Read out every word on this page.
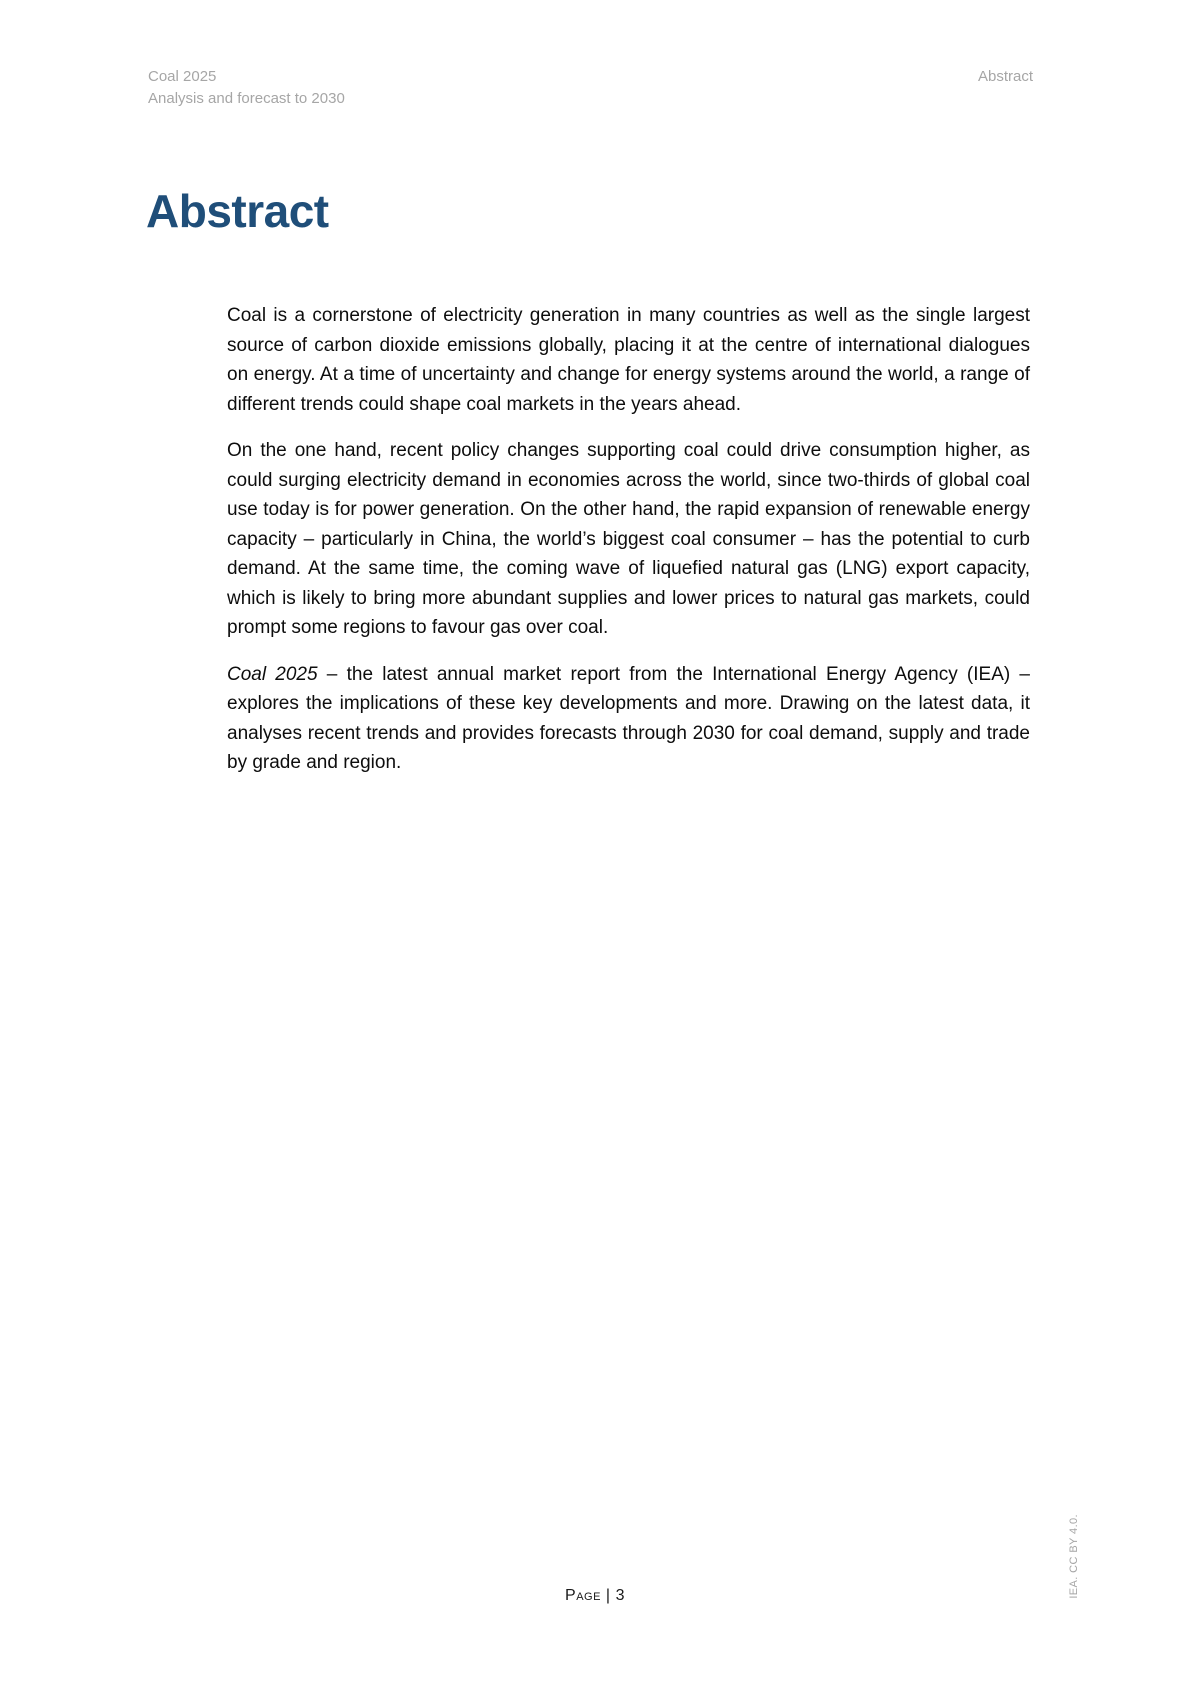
Coal 2025
Analysis and forecast to 2030
Abstract
Abstract

Coal is a cornerstone of electricity generation in many countries as well as the single largest source of carbon dioxide emissions globally, placing it at the centre of international dialogues on energy. At a time of uncertainty and change for energy systems around the world, a range of different trends could shape coal markets in the years ahead.

On the one hand, recent policy changes supporting coal could drive consumption higher, as could surging electricity demand in economies across the world, since two-thirds of global coal use today is for power generation. On the other hand, the rapid expansion of renewable energy capacity – particularly in China, the world’s biggest coal consumer – has the potential to curb demand. At the same time, the coming wave of liquefied natural gas (LNG) export capacity, which is likely to bring more abundant supplies and lower prices to natural gas markets, could prompt some regions to favour gas over coal.

Coal 2025 – the latest annual market report from the International Energy Agency (IEA) – explores the implications of these key developments and more. Drawing on the latest data, it analyses recent trends and provides forecasts through 2030 for coal demand, supply and trade by grade and region.

IEA. CC BY 4.0.
Page | 3
